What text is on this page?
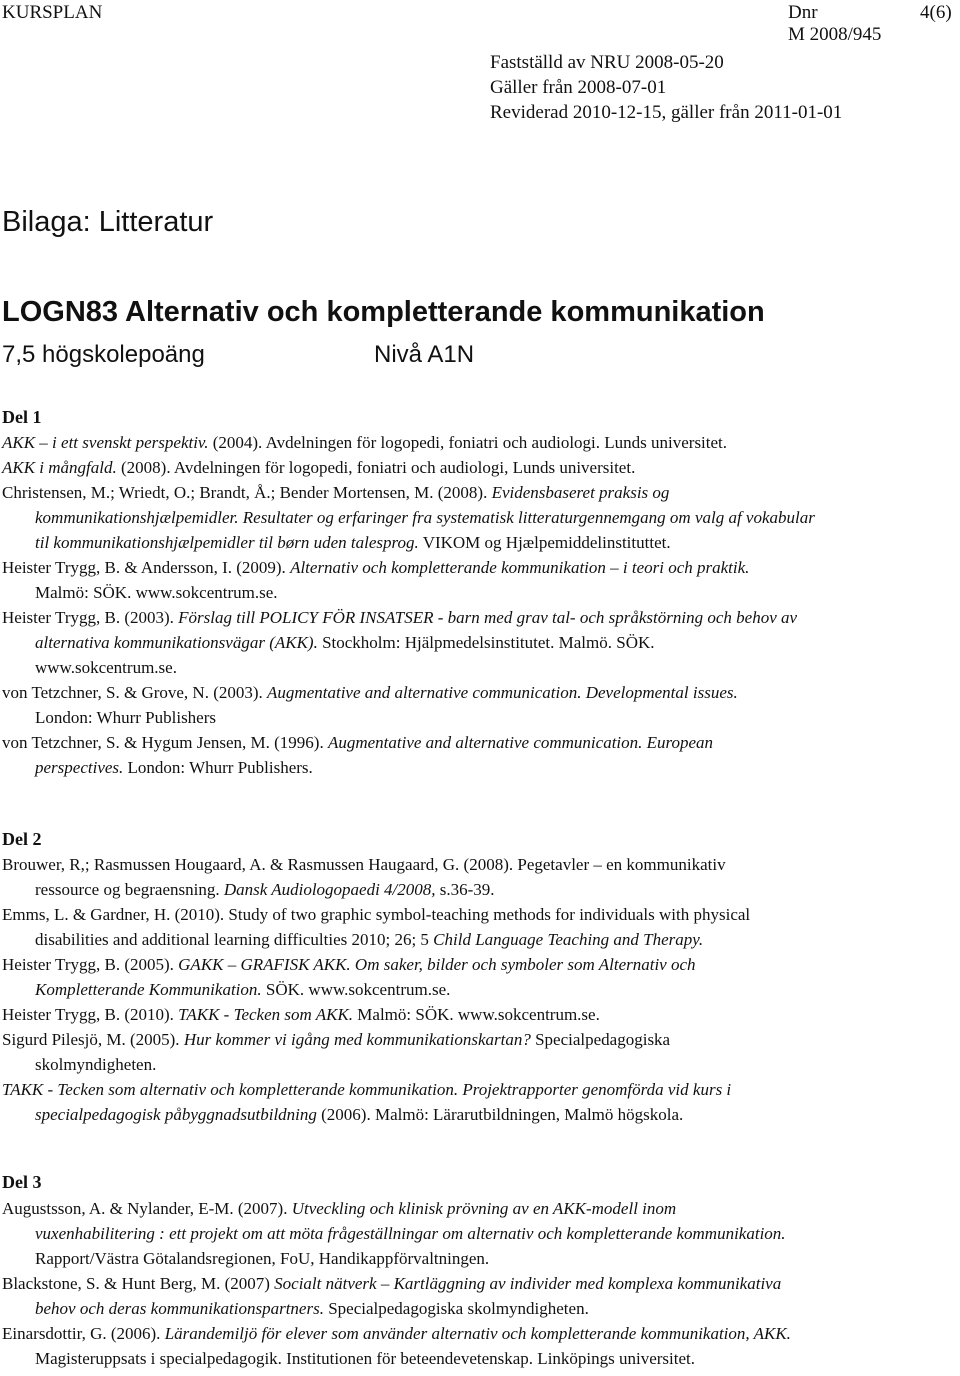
KURSPLAN	Dnr
M 2008/945
4(6)
Fastställd av NRU 2008-05-20
Gäller från 2008-07-01
Reviderad 2010-12-15, gäller från 2011-01-01
Bilaga: Litteratur
LOGN83 Alternativ och kompletterande kommunikation
7,5 högskolepoäng	Nivå A1N
Del 1
AKK – i ett svenskt perspektiv. (2004). Avdelningen för logopedi, foniatri och audiologi. Lunds universitet.
AKK i mångfald. (2008). Avdelningen för logopedi, foniatri och audiologi, Lunds universitet.
Christensen, M.; Wriedt, O.; Brandt, Å.; Bender Mortensen, M. (2008). Evidensbaseret praksis og
kommunikationshjælpemidler. Resultater og erfaringer fra systematisk litteraturgennemgang om valg af vokabular
til kommunikationshjælpemidler til børn uden talesprog. VIKOM og Hjælpemiddelinstituttet.
Heister Trygg, B. & Andersson, I. (2009). Alternativ och kompletterande kommunikation – i teori och praktik.
Malmö: SÖK. www.sokcentrum.se.
Heister Trygg, B. (2003). Förslag till POLICY FÖR INSATSER - barn med grav tal- och språkstörning och behov av
alternativa kommunikationsvägar (AKK). Stockholm: Hjälpmedelsinstitutet. Malmö. SÖK.
www.sokcentrum.se.
von Tetzchner, S. & Grove, N. (2003). Augmentative and alternative communication. Developmental issues.
London: Whurr Publishers
von Tetzchner, S. & Hygum Jensen, M. (1996). Augmentative and alternative communication. European
perspectives. London: Whurr Publishers.
Del 2
Brouwer, R,; Rasmussen Hougaard, A. & Rasmussen Haugaard, G. (2008). Pegetavler – en kommunikativ
ressource og begraensning. Dansk Audiologopaedi 4/2008, s.36-39.
Emms, L. & Gardner, H. (2010). Study of two graphic symbol-teaching methods for individuals with physical
disabilities and additional learning difficulties 2010; 26; 5 Child Language Teaching and Therapy.
Heister Trygg, B. (2005). GAKK – GRAFISK AKK. Om saker, bilder och symboler som Alternativ och
Kompletterande Kommunikation. SÖK. www.sokcentrum.se.
Heister Trygg, B. (2010). TAKK - Tecken som AKK. Malmö: SÖK. www.sokcentrum.se.
Sigurd Pilesjö, M. (2005). Hur kommer vi igång med kommunikationskartan? Specialpedagogiska
skolmyndigheten.
TAKK - Tecken som alternativ och kompletterande kommunikation. Projektrapporter genomförda vid kurs i
specialpedagogisk påbyggnadsutbildning (2006). Malmö: Lärarutbildningen, Malmö högskola.
Del 3
Augustsson, A. & Nylander, E-M. (2007). Utveckling och klinisk prövning av en AKK-modell inom
vuxenhabilitering : ett projekt om att möta frågeställningar om alternativ och kompletterande kommunikation.
Rapport/Västra Götalandsregionen, FoU, Handikappförvaltningen.
Blackstone, S. & Hunt Berg, M. (2007) Socialt nätverk – Kartläggning av individer med komplexa kommunikativa
behov och deras kommunikationspartners. Specialpedagogiska skolmyndigheten.
Einarsdottir, G. (2006). Lärandemiljö för elever som använder alternativ och kompletterande kommunikation, AKK.
Magisteruppsats i specialpedagogik. Institutionen för beteendevetenskap. Linköpings universitet.
